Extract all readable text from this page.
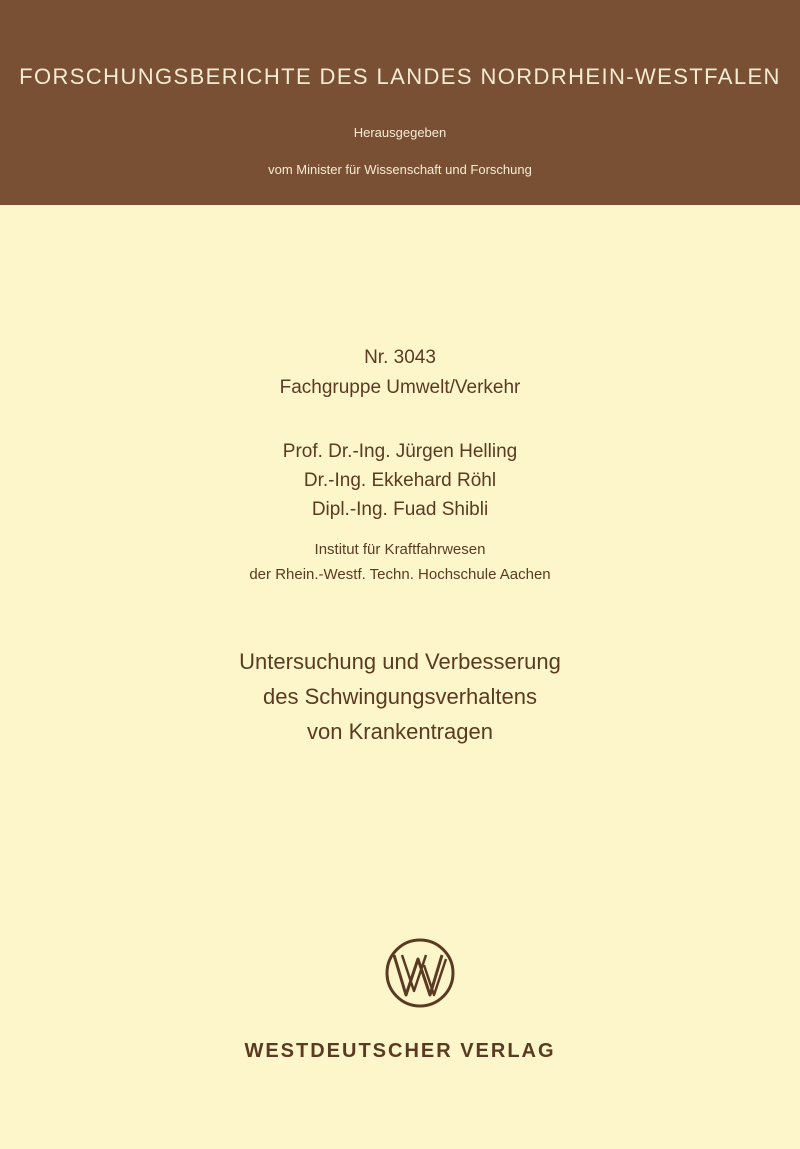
FORSCHUNGSBERICHTE DES LANDES NORDRHEIN-WESTFALEN
Herausgegeben
vom Minister für Wissenschaft und Forschung
Nr. 3043
Fachgruppe Umwelt/Verkehr
Prof. Dr.-Ing. Jürgen Helling
Dr.-Ing. Ekkehard Röhl
Dipl.-Ing. Fuad Shibli
Institut für Kraftfahrwesen
der Rhein.-Westf. Techn. Hochschule Aachen
Untersuchung und Verbesserung
des Schwingungsverhaltens
von Krankentragen
WESTDEUTSCHER VERLAG
